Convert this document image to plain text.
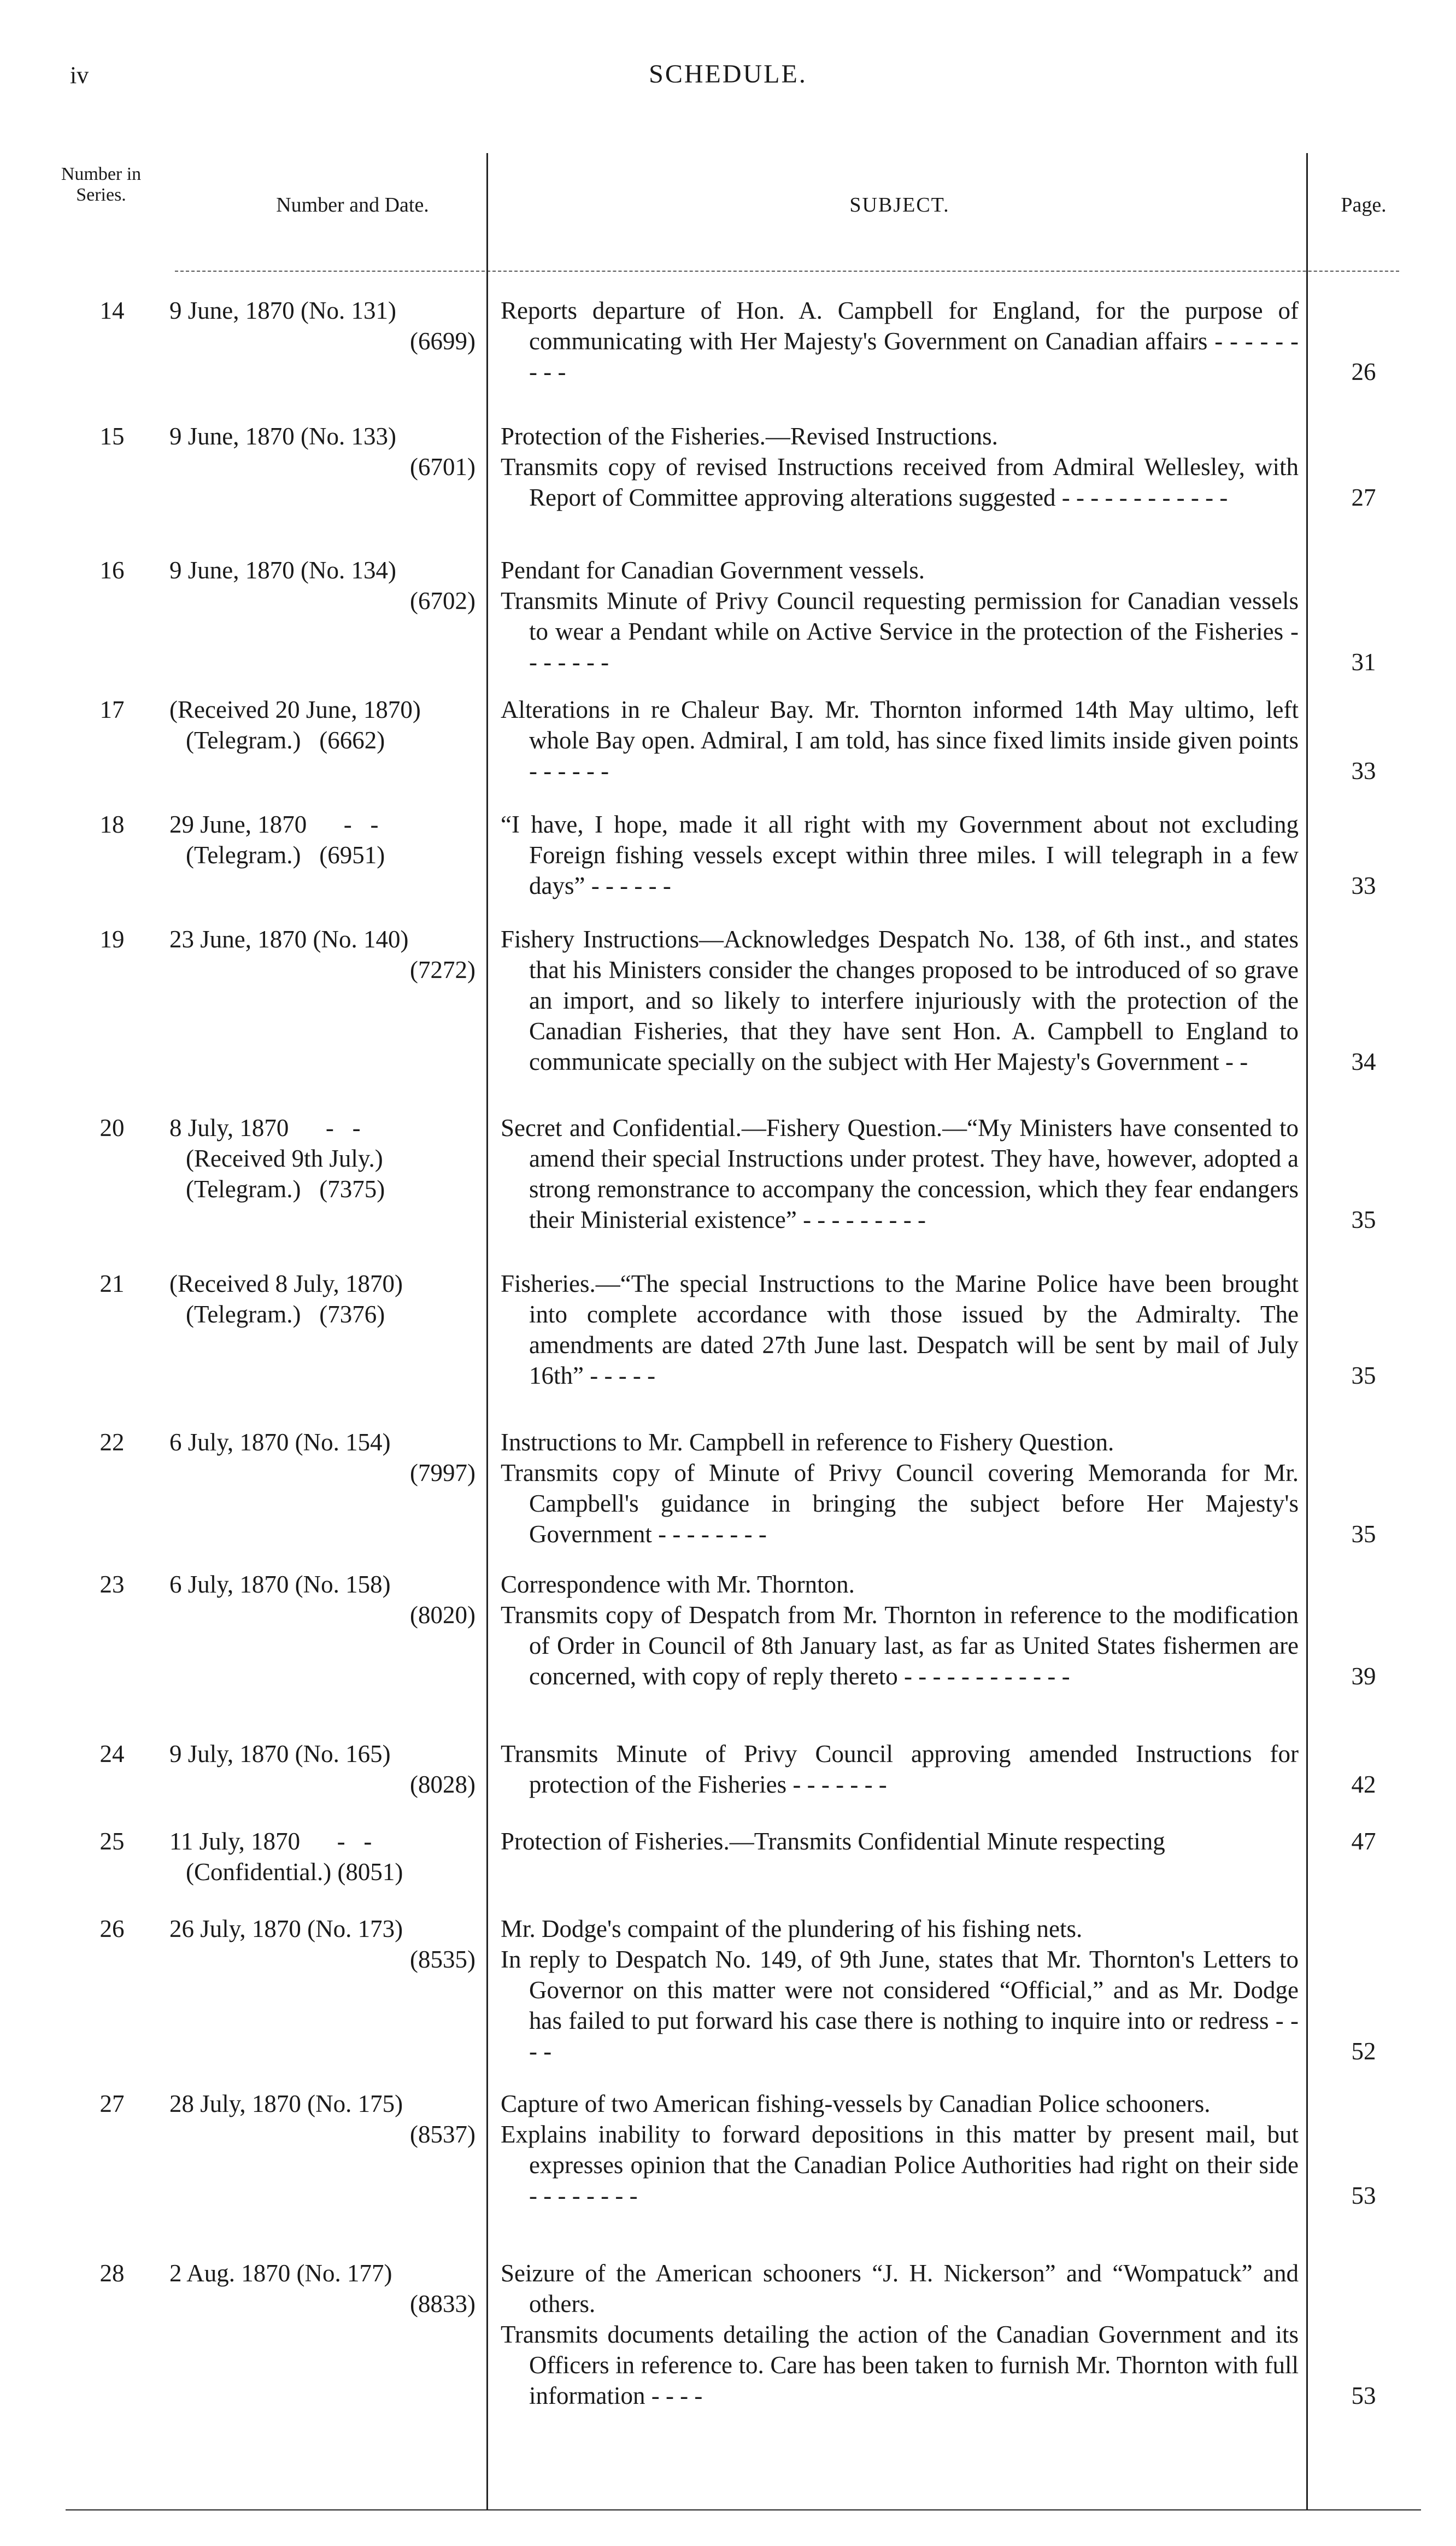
iv	SCHEDULE.
Number in Series.	Number and Date.	SUBJECT.	Page.
14	9 June, 1870 (No. 131)
(6699)
Reports departure of Hon. A. Campbell for England, for the purpose of communicating with Her Majesty's Government on Canadian affairs - - - - - - - - -	26
15	9 June, 1870 (No. 133)
(6701)
Protection of the Fisheries.—Revised Instructions.
Transmits copy of revised Instructions received from Admiral Wellesley, with Report of Committee approving alterations suggested - - - - - - - - - - - -	27
16	9 June, 1870 (No. 134)
(6702)
Pendant for Canadian Government vessels.
Transmits Minute of Privy Council requesting permission for Canadian vessels to wear a Pendant while on Active Service in the protection of the Fisheries - - - - - - -	31
17	(Received 20 June, 1870)
(Telegram.)   (6662)
Alterations in re Chaleur Bay. Mr. Thornton informed 14th May ultimo, left whole Bay open. Admiral, I am told, has since fixed limits inside given points - - - - - -	33
18	29 June, 1870      -   -
(Telegram.)   (6951)
“I have, I hope, made it all right with my Government about not excluding Foreign fishing vessels except within three miles. I will telegraph in a few days” - - - - - -	33
19	23 June, 1870 (No. 140)
(7272)
Fishery Instructions—Acknowledges Despatch No. 138, of 6th inst., and states that his Ministers consider the changes proposed to be introduced of so grave an import, and so likely to interfere injuriously with the protection of the Canadian Fisheries, that they have sent Hon. A. Campbell to England to communicate specially on the subject with Her Majesty's Government - -	34
20	8 July, 1870      -   -
(Received 9th July.)
(Telegram.)   (7375)
Secret and Confidential.—Fishery Question.—“My Ministers have consented to amend their special Instructions under protest. They have, however, adopted a strong remonstrance to accompany the concession, which they fear endangers their Ministerial existence” - - - - - - - - -	35
21	(Received 8 July, 1870)
(Telegram.)   (7376)
Fisheries.—“The special Instructions to the Marine Police have been brought into complete accordance with those issued by the Admiralty. The amendments are dated 27th June last. Despatch will be sent by mail of July 16th” - - - - -	35
22	6 July, 1870 (No. 154)
(7997)
Instructions to Mr. Campbell in reference to Fishery Question.
Transmits copy of Minute of Privy Council covering Memoranda for Mr. Campbell's guidance in bringing the subject before Her Majesty's Government - - - - - - - -	35
23	6 July, 1870 (No. 158)
(8020)
Correspondence with Mr. Thornton.
Transmits copy of Despatch from Mr. Thornton in reference to the modification of Order in Council of 8th January last, as far as United States fishermen are concerned, with copy of reply thereto - - - - - - - - - - - -	39
24	9 July, 1870 (No. 165)
(8028)
Transmits Minute of Privy Council approving amended Instructions for protection of the Fisheries - - - - - - -	42
25	11 July, 1870      -   -
(Confidential.) (8051)
Protection of Fisheries.—Transmits Confidential Minute respecting	47
26	26 July, 1870 (No. 173)
(8535)
Mr. Dodge's compaint of the plundering of his fishing nets.
In reply to Despatch No. 149, of 9th June, states that Mr. Thornton's Letters to Governor on this matter were not considered “Official,” and as Mr. Dodge has failed to put forward his case there is nothing to inquire into or redress - - - -	52
27	28 July, 1870 (No. 175)
(8537)
Capture of two American fishing-vessels by Canadian Police schooners.
Explains inability to forward depositions in this matter by present mail, but expresses opinion that the Canadian Police Authorities had right on their side - - - - - - - -	53
28	2 Aug. 1870 (No. 177)
(8833)
Seizure of the American schooners “J. H. Nickerson” and “Wompatuck” and others.
Transmits documents detailing the action of the Canadian Government and its Officers in reference to. Care has been taken to furnish Mr. Thornton with full information - - - -	53
